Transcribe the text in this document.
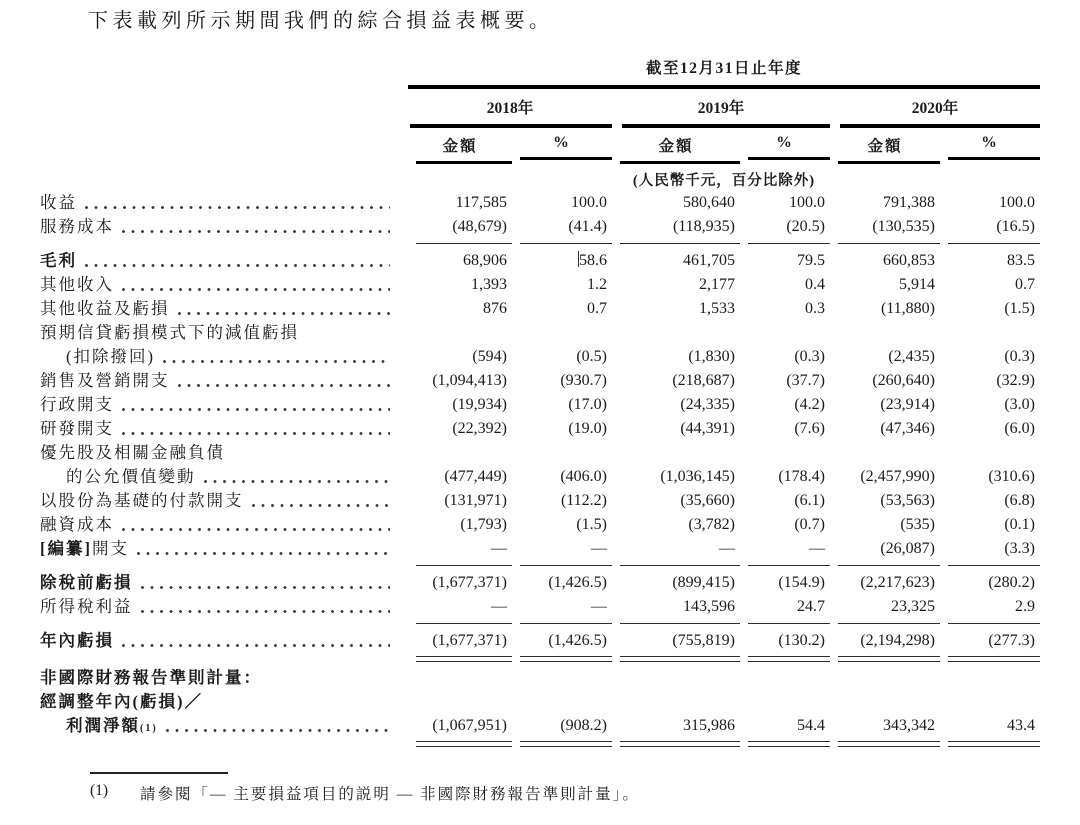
下表載列所示期間我們的綜合損益表概要。

截至12月31日止年度
2018年	2019年	2020年
金額	%	金額	%	金額	%
(人民幣千元，百分比除外)
收益	117,585	100.0	580,640	100.0	791,388	100.0
服務成本	(48,679)	(41.4)	(118,935)	(20.5)	(130,535)	(16.5)
毛利	68,906	58.6	461,705	79.5	660,853	83.5
其他收入	1,393	1.2	2,177	0.4	5,914	0.7
其他收益及虧損	876	0.7	1,533	0.3	(11,880)	(1.5)
預期信貸虧損模式下的減值虧損
(扣除撥回)	(594)	(0.5)	(1,830)	(0.3)	(2,435)	(0.3)
銷售及營銷開支	(1,094,413)	(930.7)	(218,687)	(37.7)	(260,640)	(32.9)
行政開支	(19,934)	(17.0)	(24,335)	(4.2)	(23,914)	(3.0)
研發開支	(22,392)	(19.0)	(44,391)	(7.6)	(47,346)	(6.0)
優先股及相關金融負債
的公允價值變動	(477,449)	(406.0)	(1,036,145)	(178.4)	(2,457,990)	(310.6)
以股份為基礎的付款開支	(131,971)	(112.2)	(35,660)	(6.1)	(53,563)	(6.8)
融資成本	(1,793)	(1.5)	(3,782)	(0.7)	(535)	(0.1)
[編纂] 開支	—	—	—	—	(26,087)	(3.3)
除稅前虧損	(1,677,371)	(1,426.5)	(899,415)	(154.9)	(2,217,623)	(280.2)
所得稅利益	—	—	143,596	24.7	23,325	2.9
年內虧損	(1,677,371)	(1,426.5)	(755,819)	(130.2)	(2,194,298)	(277.3)
非國際財務報告準則計量：
經調整年內(虧損)／
利潤淨額 (1)	(1,067,951)	(908.2)	315,986	54.4	343,342	43.4
(1)	請參閱「— 主要損益項目的説明 — 非國際財務報告準則計量」。
